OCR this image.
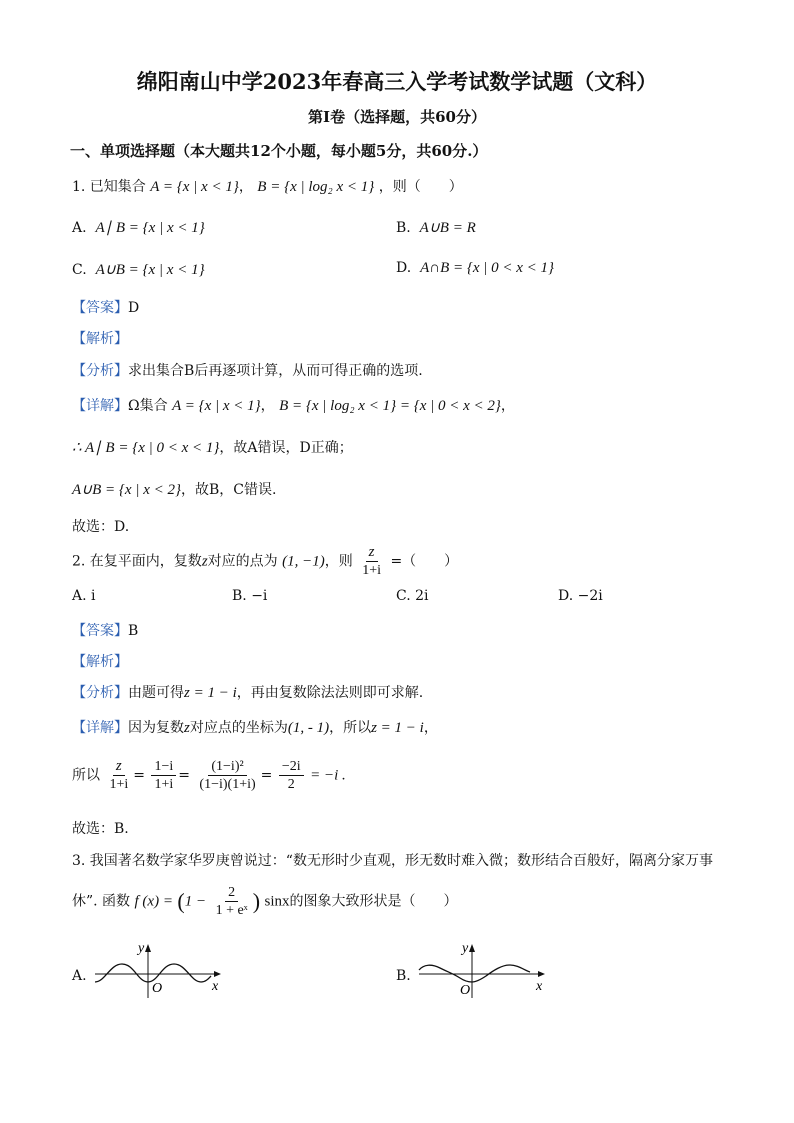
绵阳南山中学2023年春高三入学考试数学试题（文科）
第Ⅰ卷（选择题，共60分）
一、单项选择题（本大题共12个小题，每小题5分，共60分.）
1. 已知集合 A = {x | x < 1}， B = {x | log₂ x < 1} ，则（　　）
A. A∣ B = {x | x < 1}	B. A∪B = R
C. A∪B = {x | x < 1}	D. A∩B = {x | 0 < x < 1}
【答案】D
【解析】
【分析】求出集合B后再逐项计算，从而可得正确的选项.
【详解】Ω集合 A = {x | x < 1}， B = {x | log₂ x < 1} = {x | 0 < x < 2}，
∴ A∣ B = {x | 0 < x < 1}，故A错误，D正确；
A∪B = {x | x < 2}，故B，C错误.
故选：D.
2. 在复平面内，复数z对应的点为 (1, −1)，则 $\frac{z}{1+i}$ =（　　）
A. i	B. −i	C. 2i	D. −2i
【答案】B
【解析】
【分析】由题可得z = 1 − i，再由复数除法法则即可求解.
【详解】因为复数z对应点的坐标为(1, - 1)，所以z = 1 − i，
所以 $\frac{z}{1+i} = \frac{1-i}{1+i} = \frac{\text{(1−i)²}}{(1-i)(1+i)} = \frac{-2i}{2} = -i$ .
故选：B.
3. 我国著名数学家华罗庚曾说过：“数无形时少直观，形无数时难入微；数形结合百般好，隔离分家万事
休”. 函数 f $(x) = (1 - \frac{2}{\text{1 + eˣ}}$ ) sinx的图象大致形状是（　　）
A.
y
x
O
B.
y
x
O
